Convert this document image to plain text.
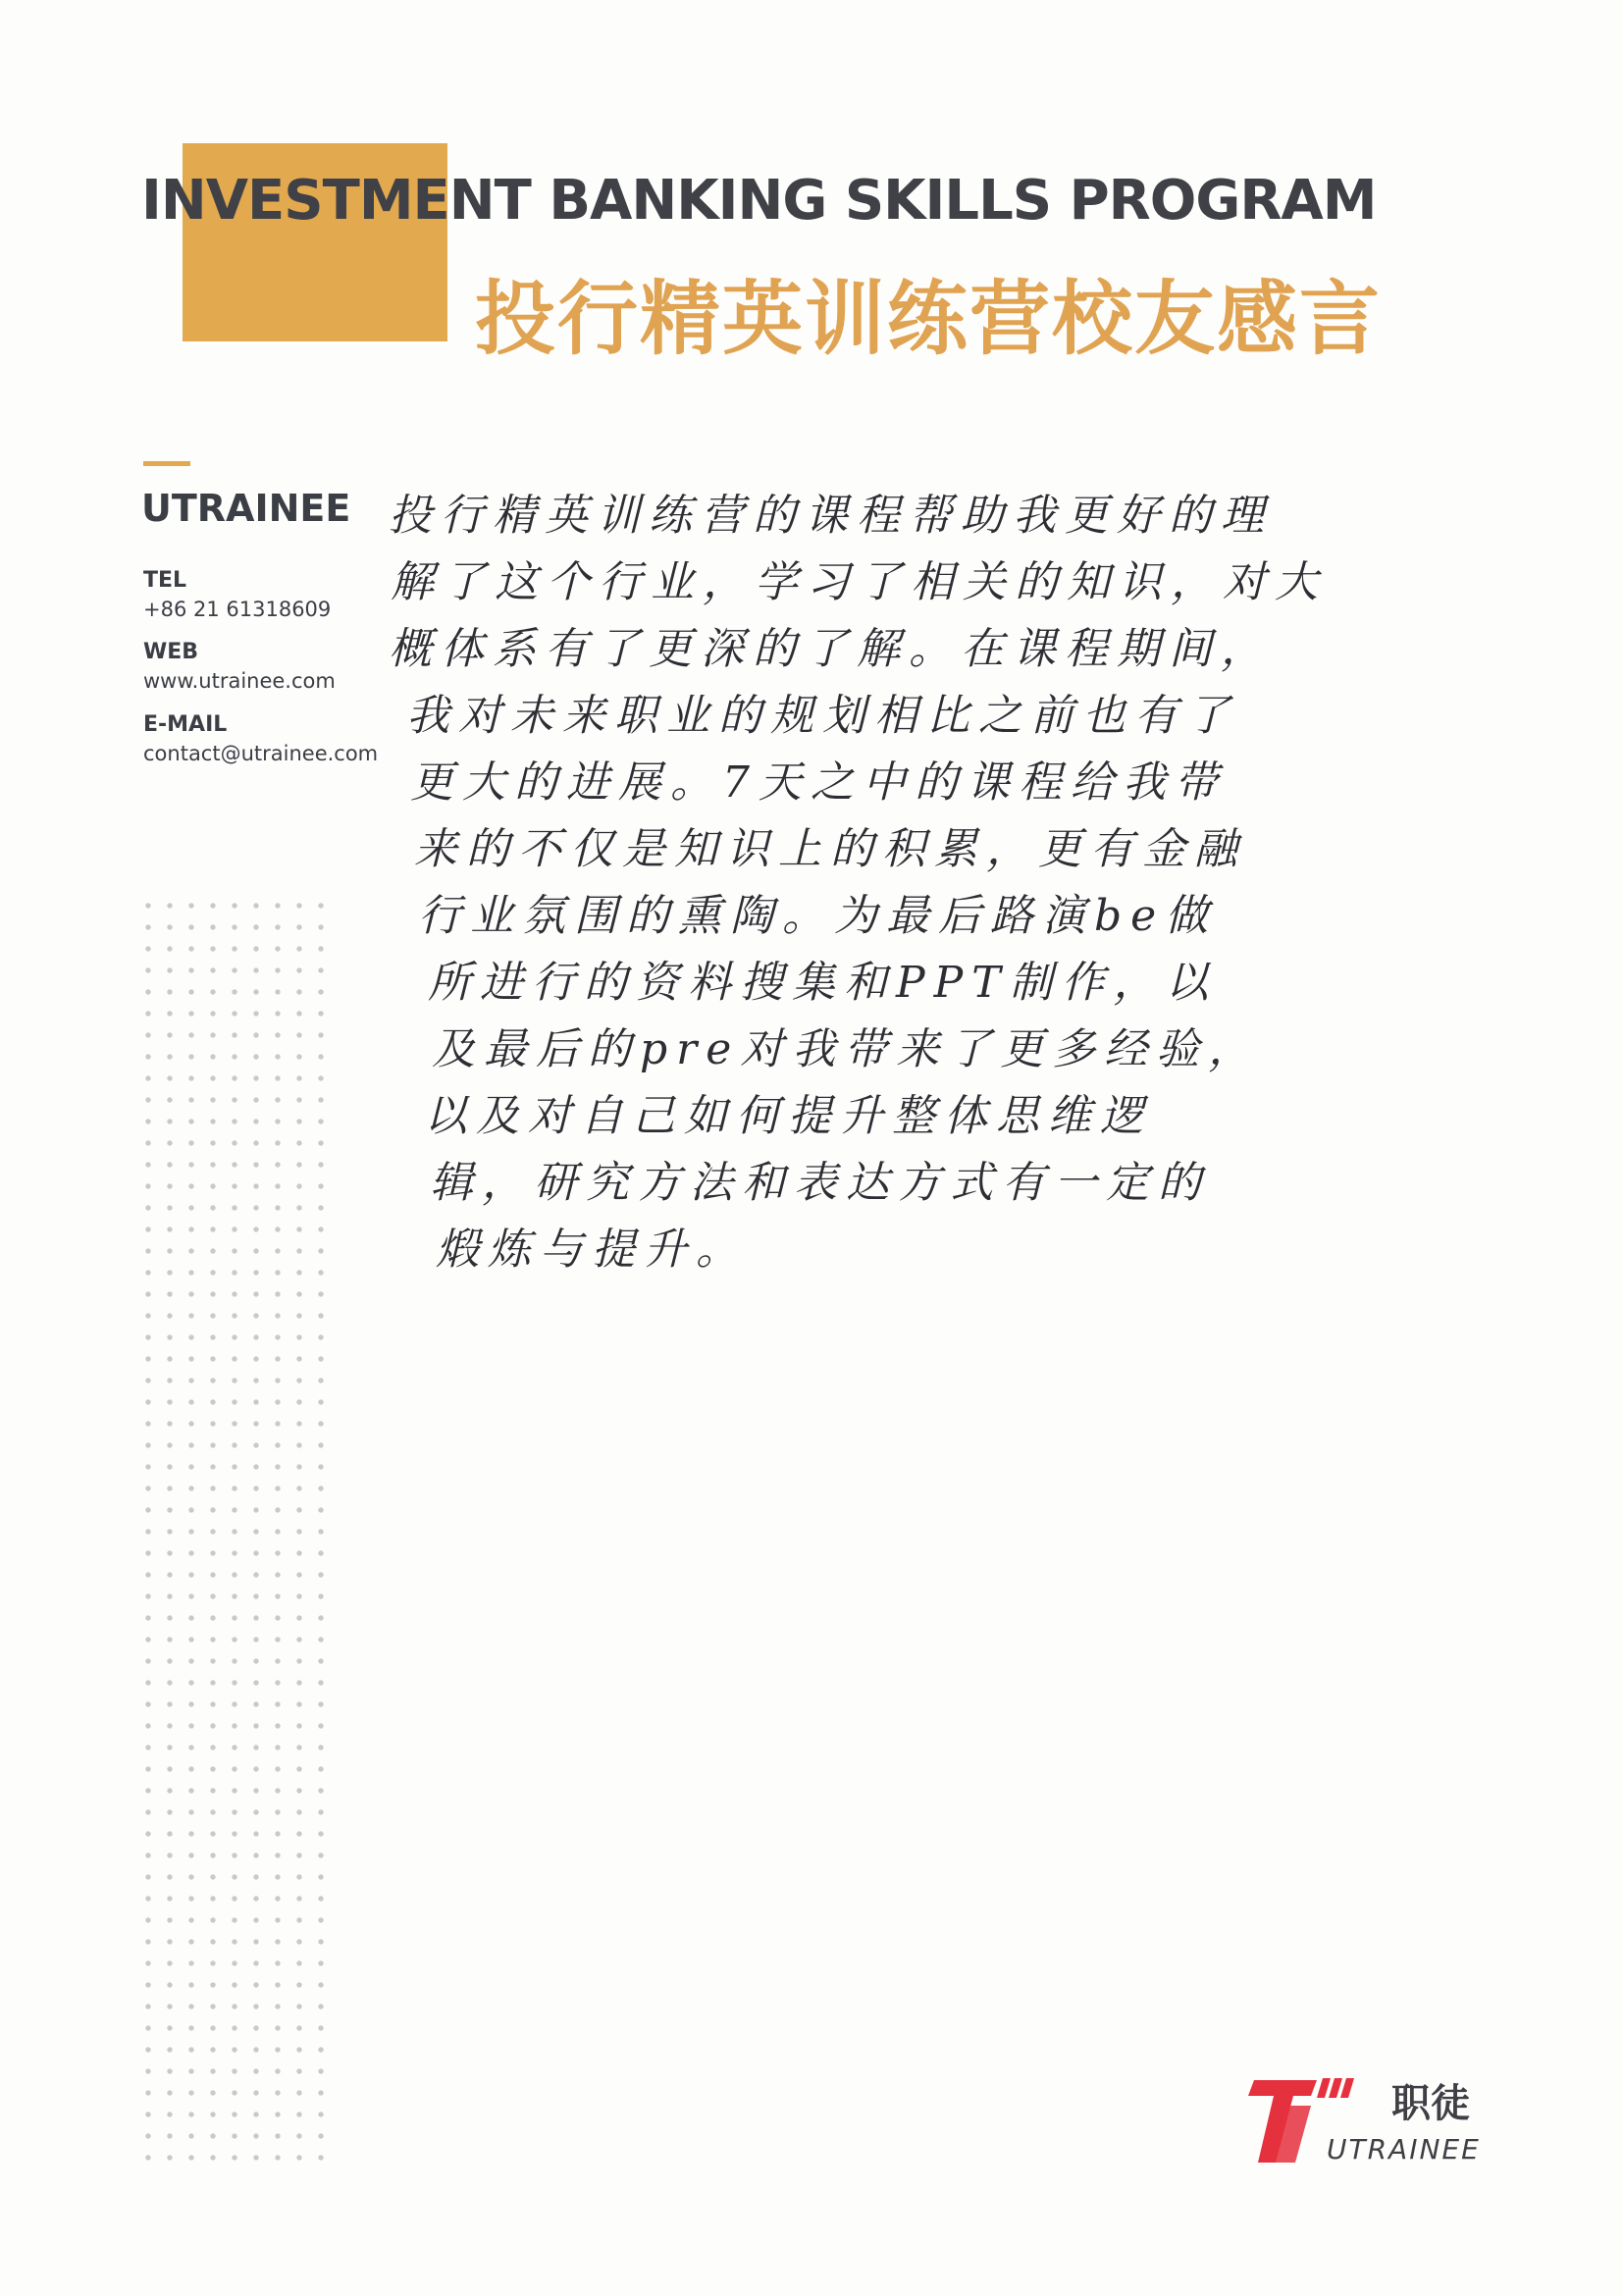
INVESTMENT BANKING SKILLS PROGRAM
投行精英训练营校友感言
UTRAINEE
TEL
+86 21 61318609
WEB
www.utrainee.com
E-MAIL
contact@utrainee.com

投行精英训练营的课程帮助我更好的理

解了这个行业，学习了相关的知识，对大

概体系有了更深的了解。在课程期间，

我对未来职业的规划相比之前也有了

更大的进展。7天之中的课程给我带

来的不仅是知识上的积累，更有金融

行业氛围的熏陶。为最后路演be做

所进行的资料搜集和PPT制作，以

及最后的pre对我带来了更多经验，

以及对自己如何提升整体思维逻

辑，研究方法和表达方式有一定的

煅炼与提升。

职徒
UTRAINEE
